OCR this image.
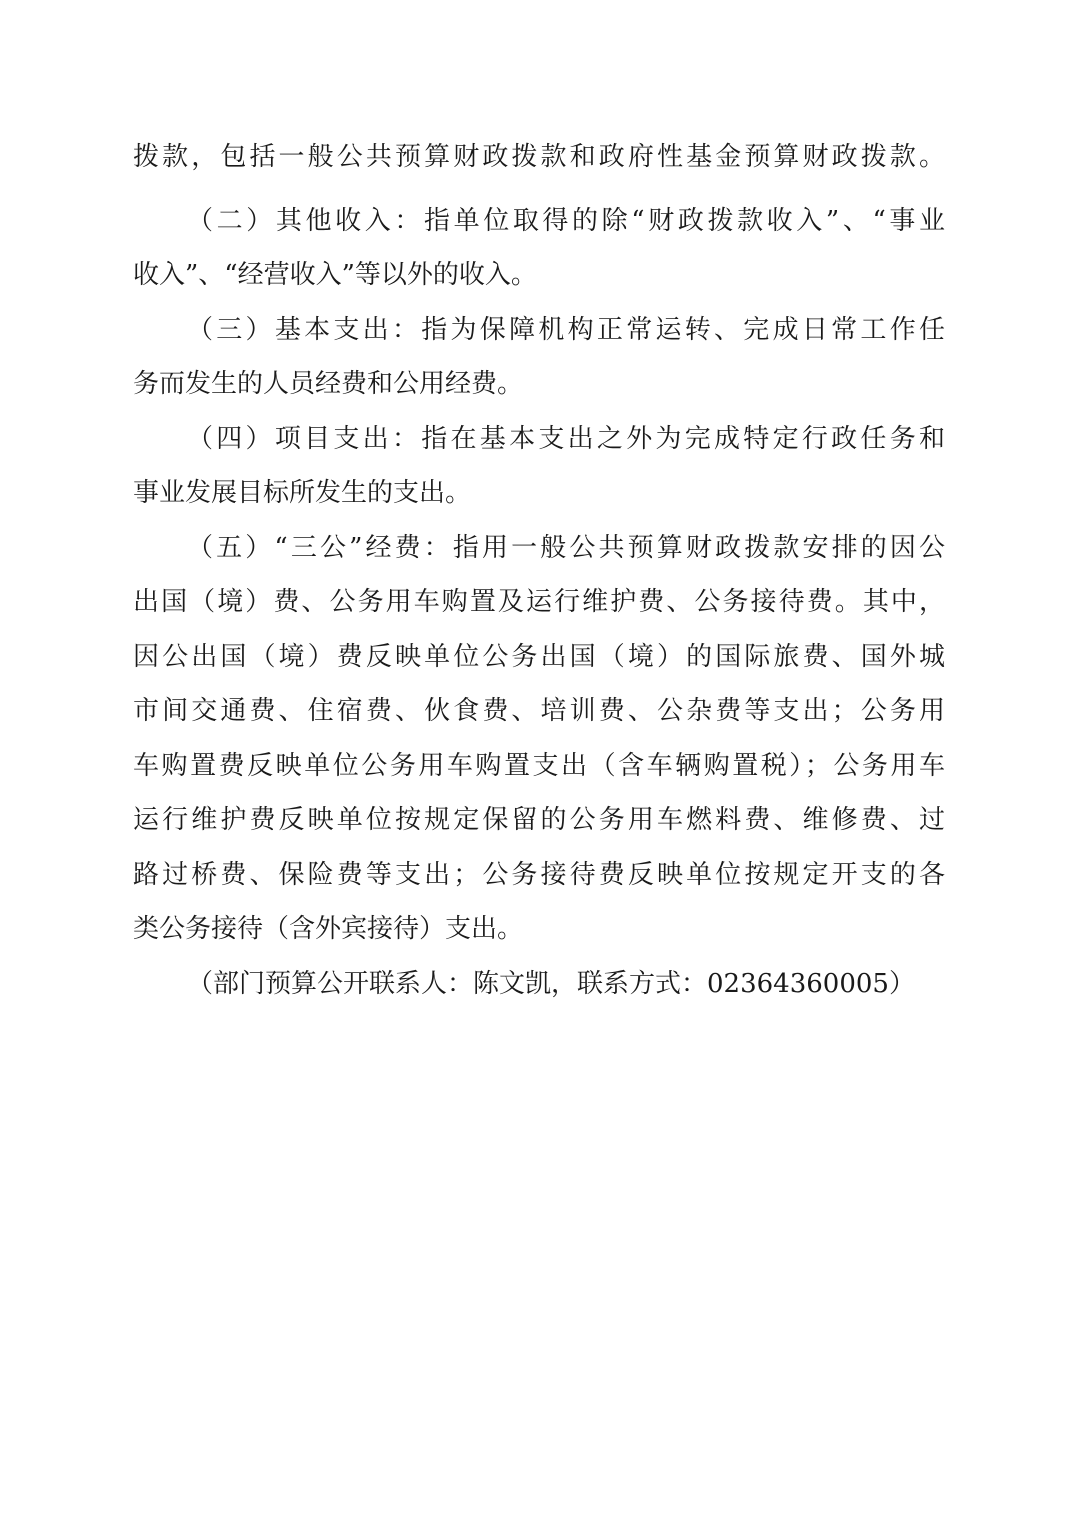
拨款，包括一般公共预算财政拨款和政府性基金预算财政拨款。
（二）其他收入：指单位取得的除“财政拨款收入”、“事业
收入”、“经营收入”等以外的收入。
（三）基本支出：指为保障机构正常运转、完成日常工作任
务而发生的人员经费和公用经费。
（四）项目支出：指在基本支出之外为完成特定行政任务和
事业发展目标所发生的支出。
（五）“三公”经费：指用一般公共预算财政拨款安排的因公
出国（境）费、公务用车购置及运行维护费、公务接待费。其中，
因公出国（境）费反映单位公务出国（境）的国际旅费、国外城
市间交通费、住宿费、伙食费、培训费、公杂费等支出；公务用
车购置费反映单位公务用车购置支出（含车辆购置税）；公务用车
运行维护费反映单位按规定保留的公务用车燃料费、维修费、过
路过桥费、保险费等支出；公务接待费反映单位按规定开支的各
类公务接待（含外宾接待）支出。
（部门预算公开联系人：陈文凯，联系方式：02364360005）
